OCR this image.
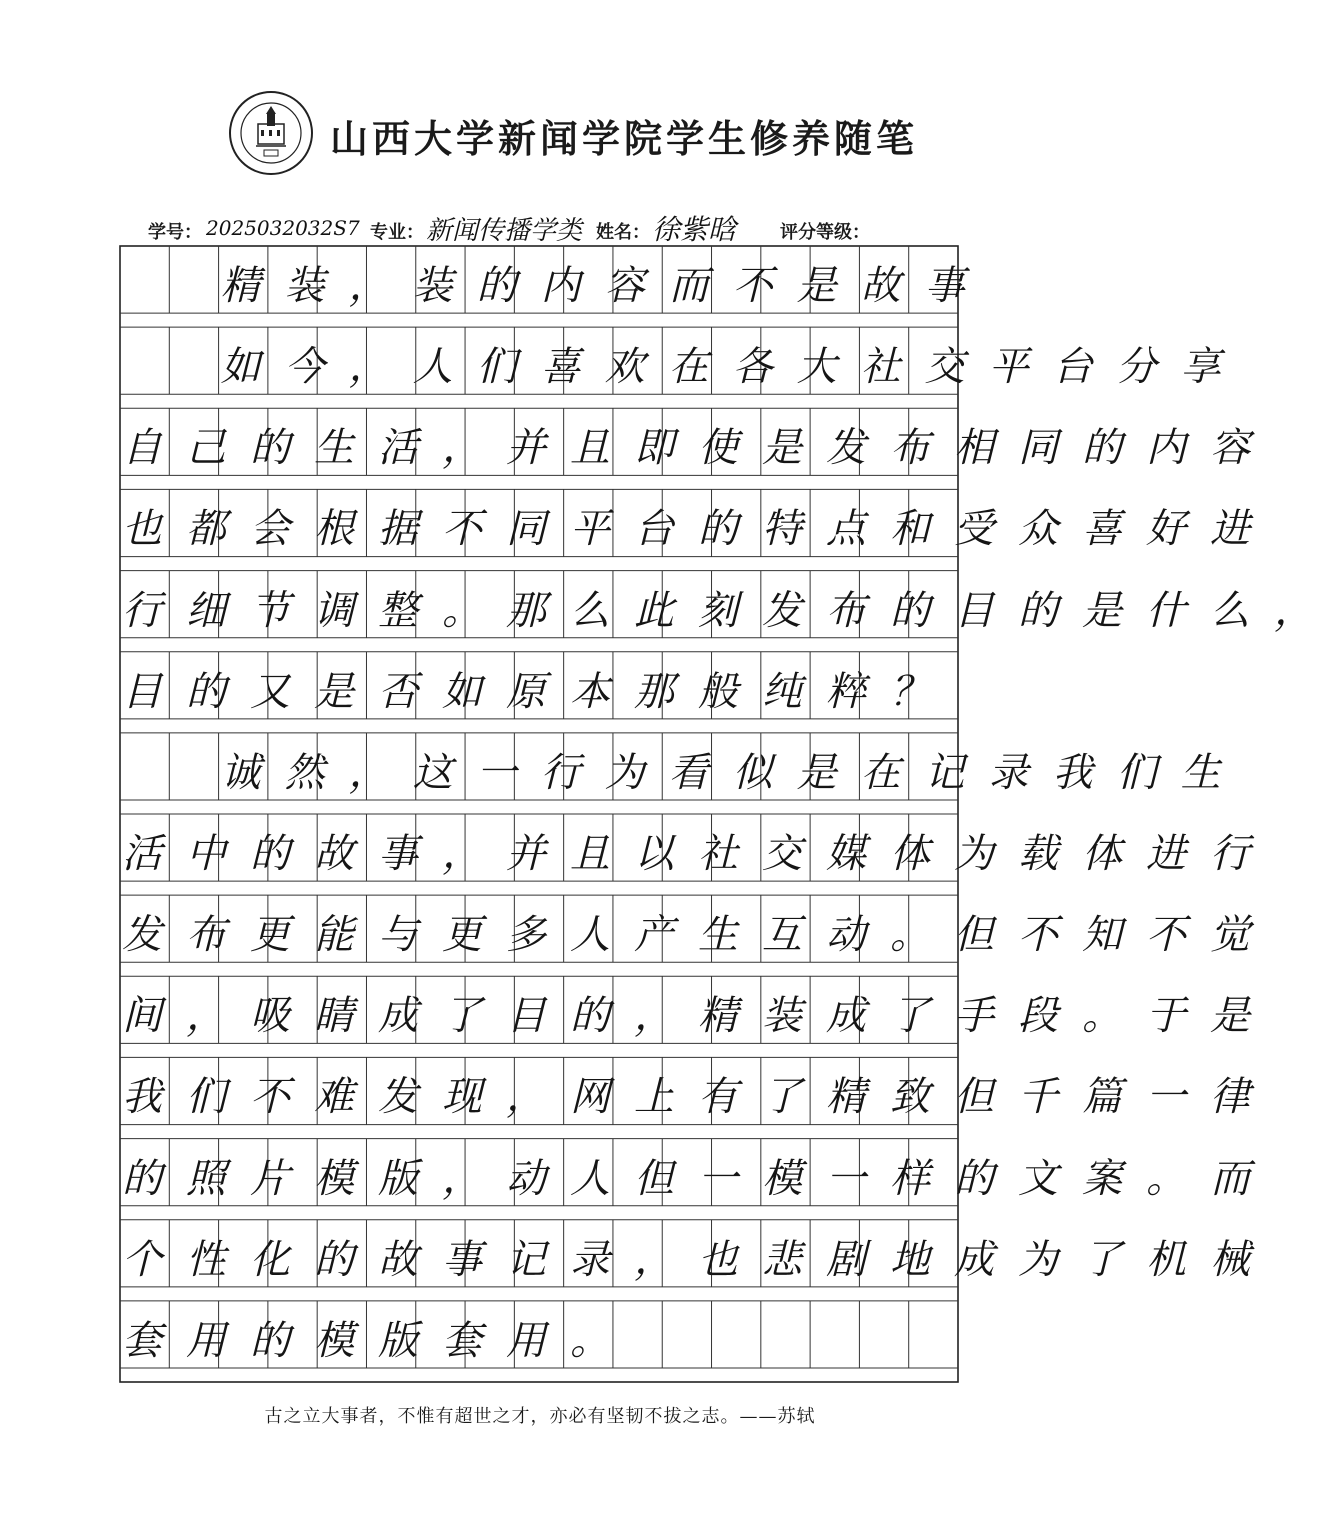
山西大学新闻学院学生修养随笔
学号： 2025032032S7 专业： 新闻传播学类 姓名： 徐紫晗 评分等级：
精装，装的内容而不是故事
如今，人们喜欢在各大社交平台分享
自己的生活，并且即使是发布相同的内容
也都会根据不同平台的特点和受众喜好进
行细节调整。那么此刻发布的目的是什么，
目的又是否如原本那般纯粹？
诚然，这一行为看似是在记录我们生
活中的故事，并且以社交媒体为载体进行
发布更能与更多人产生互动。但不知不觉
间，吸睛成了目的，精装成了手段。于是
我们不难发现，网上有了精致但千篇一律
的照片模版，动人但一模一样的文案。而
个性化的故事记录，也悲剧地成为了机械
套用的模版套用。
古之立大事者，不惟有超世之才，亦必有坚韧不拔之志。——苏轼
